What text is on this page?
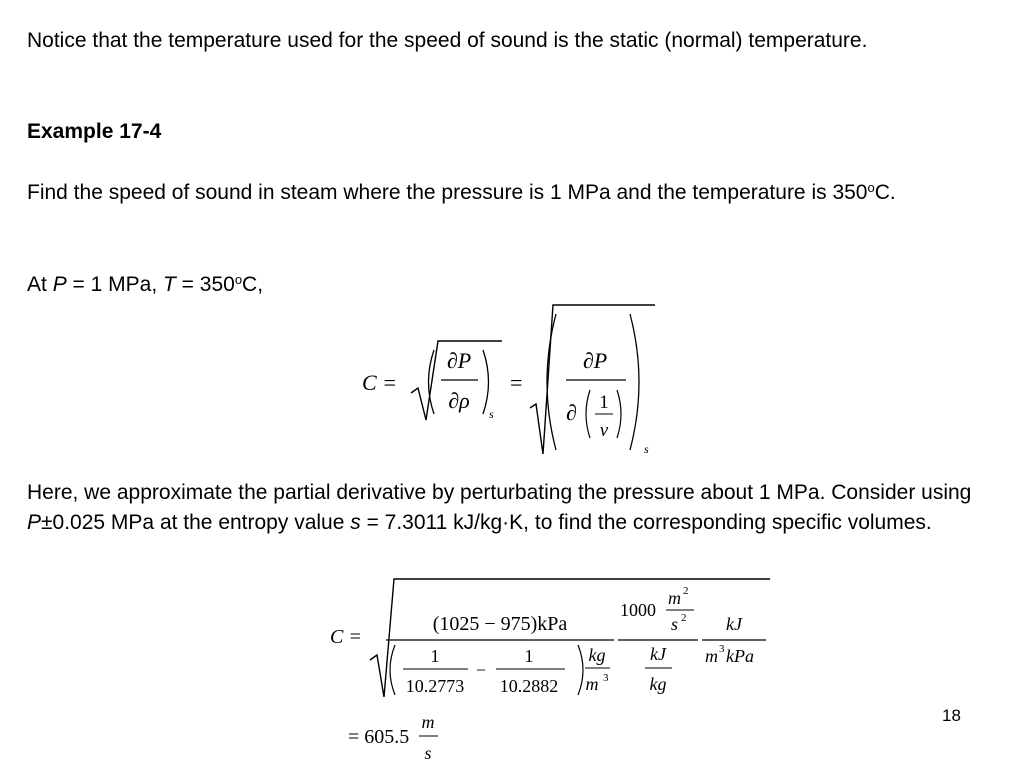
Notice that the temperature used for the speed of sound is the static (normal) temperature.

Example 17-4

Find the speed of sound in steam where the pressure is 1 MPa and the temperature is 350$^o$C.

At P = 1 MPa, $T = 350^oC$,

C =
∂P
∂ρ
s
=
∂P
∂ 1
v
s

Here, we approximate the partial derivative by perturbating the pressure about 1 MPa. Consider using P±0.025 MPa at the entropy value s = 7.3011 kJ/kg·K, to find the corresponding specific volumes.

C =
(1025 − 975)kPa
1
10.2773
−
1
10.2882
kg
m 3
1000
m 2
s 2
kJ
kg
kJ
m 3 kPa
= 605.5
m
s

18
